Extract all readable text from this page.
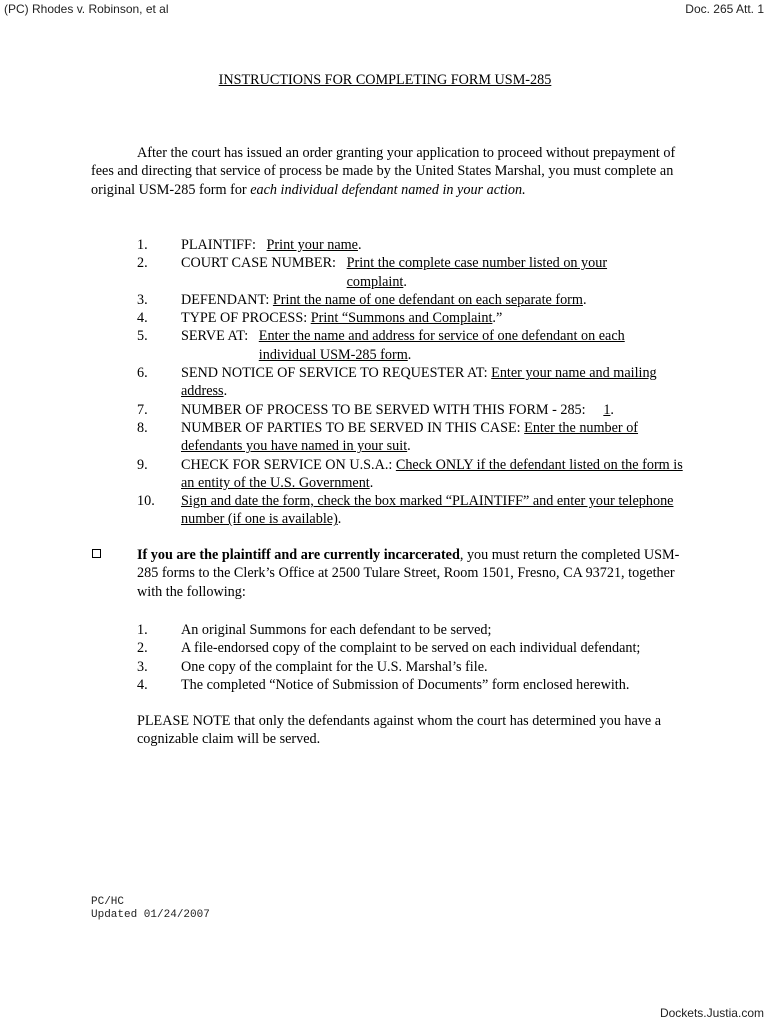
(PC) Rhodes v. Robinson, et al	Doc. 265 Att. 1
INSTRUCTIONS FOR COMPLETING FORM USM-285

After the court has issued an order granting your application to proceed without prepayment of fees and directing that service of process be made by the United States Marshal, you must complete an original USM-285 form for each individual defendant named in your action.

1. PLAINTIFF: Print your name.
2. COURT CASE NUMBER: Print the complete case number listed on your complaint.
3. DEFENDANT: Print the name of one defendant on each separate form.
4. TYPE OF PROCESS: Print “Summons and Complaint.”
5. SERVE AT: Enter the name and address for service of one defendant on each individual USM-285 form.
6. SEND NOTICE OF SERVICE TO REQUESTER AT: Enter your name and mailing address.
7. NUMBER OF PROCESS TO BE SERVED WITH THIS FORM - 285: 1.
8. NUMBER OF PARTIES TO BE SERVED IN THIS CASE: Enter the number of defendants you have named in your suit.
9. CHECK FOR SERVICE ON U.S.A.: Check ONLY if the defendant listed on the form is an entity of the U.S. Government.
10. Sign and date the form, check the box marked “PLAINTIFF” and enter your telephone number (if one is available).

If you are the plaintiff and are currently incarcerated, you must return the completed USM-285 forms to the Clerk’s Office at 2500 Tulare Street, Room 1501, Fresno, CA 93721, together with the following:

1. An original Summons for each defendant to be served;
2. A file-endorsed copy of the complaint to be served on each individual defendant;
3. One copy of the complaint for the U.S. Marshal’s file.
4. The completed “Notice of Submission of Documents” form enclosed herewith.

PLEASE NOTE that only the defendants against whom the court has determined you have a cognizable claim will be served.

PC/HC
Updated 01/24/2007
Dockets.Justia.com
